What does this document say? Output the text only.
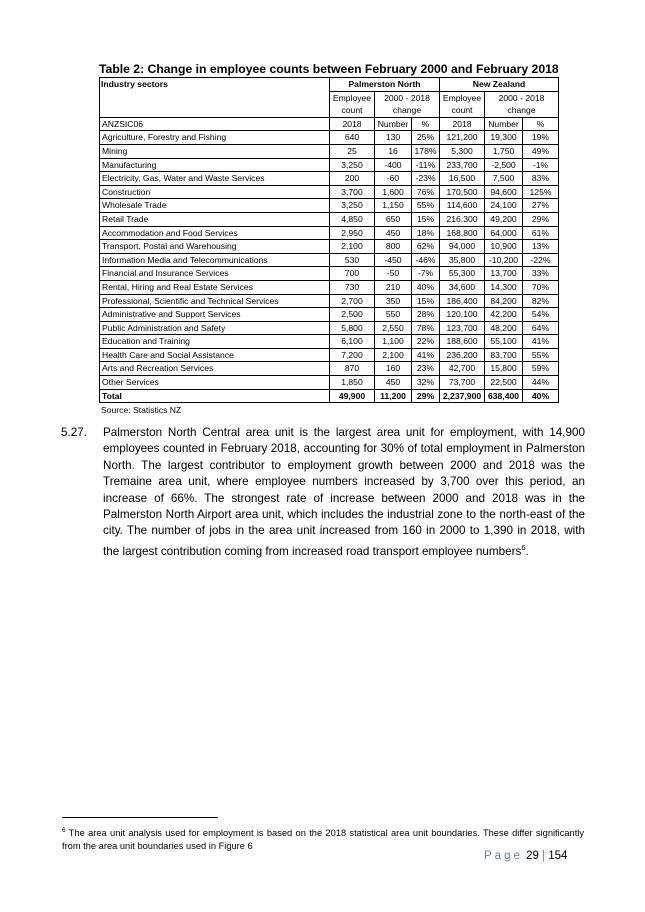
Table 2: Change in employee counts between February 2000 and February 2018
Industry sectors	Palmerston North			New Zealand		
	Employee	2000 - 2018		Employee	2000 - 2018	
	count	change		count	change	
ANZSIC06	2018	Number	%	2018	Number	%
Agriculture, Forestry and Fishing	640	130	25%	121,200	19,300	19%
Mining	25	16	178%	5,300	1,750	49%
Manufacturing	3,250	-400	-11%	233,700	-2,500	-1%
Electricity, Gas, Water and Waste Services	200	-60	-23%	16,500	7,500	83%
Construction	3,700	1,600	76%	170,500	94,600	125%
Wholesale Trade	3,250	1,150	55%	114,600	24,100	27%
Retail Trade	4,850	650	15%	216,300	49,200	29%
Accommodation and Food Services	2,950	450	18%	168,800	64,000	61%
Transport, Postal and Warehousing	2,100	800	62%	94,000	10,900	13%
Information Media and Telecommunications	530	-450	-46%	35,800	-10,200	-22%
Financial and Insurance Services	700	-50	-7%	55,300	13,700	33%
Rental, Hiring and Real Estate Services	730	210	40%	34,600	14,300	70%
Professional, Scientific and Technical Services	2,700	350	15%	186,400	84,200	82%
Administrative and Support Services	2,500	550	28%	120,100	42,200	54%
Public Administration and Safety	5,800	2,550	78%	123,700	48,200	64%
Education and Training	6,100	1,100	22%	188,600	55,100	41%
Health Care and Social Assistance	7,200	2,100	41%	236,200	83,700	55%
Arts and Recreation Services	870	160	23%	42,700	15,800	59%
Other Services	1,850	450	32%	73,700	22,500	44%
Total	49,900	11,200	29%	2,237,900	638,400	40%
Source: Statistics NZ
5.27. Palmerston North Central area unit is the largest area unit for employment, with 14,900 employees counted in February 2018, accounting for 30% of total employment in Palmerston North. The largest contributor to employment growth between 2000 and 2018 was the Tremaine area unit, where employee numbers increased by 3,700 over this period, an increase of 66%. The strongest rate of increase between 2000 and 2018 was in the Palmerston North Airport area unit, which includes the industrial zone to the north-east of the city. The number of jobs in the area unit increased from 160 in 2000 to 1,390 in 2018, with the largest contribution coming from increased road transport employee numbers$^6$.
$^6$ The area unit analysis used for employment is based on the 2018 statistical area unit boundaries. These differ significantly from the area unit boundaries used in Figure 6
Page 29 | 154
